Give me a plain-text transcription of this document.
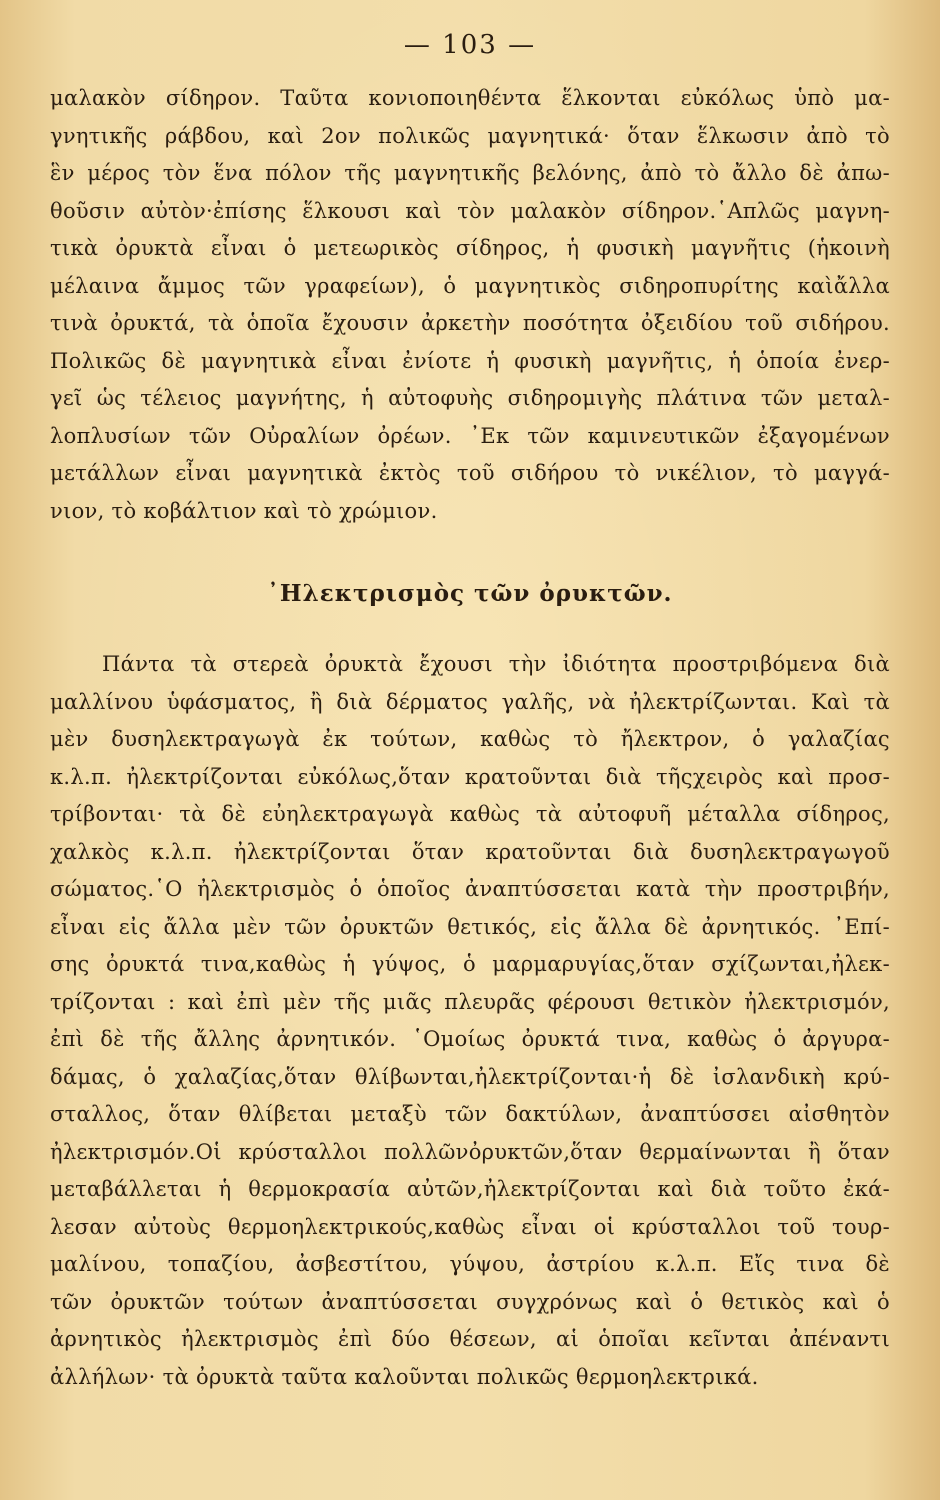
— 103 —
μαλακὸν σίδηρον. Ταῦτα κονιοποιηθέντα ἕλκονται εὐκόλως ὑπὸ μα-
γνητικῆς ράβδου, καὶ 2ον πολικῶς μαγνητικά· ὅταν ἕλκωσιν ἀπὸ τὸ
ἓν μέρος τὸν ἕνα πόλον τῆς μαγνητικῆς βελόνης, ἀπὸ τὸ ἄλλο δὲ ἀπω-
θοῦσιν αὐτὸν·ἐπίσης ἕλκουσι καὶ τὸν μαλακὸν σίδηρον.῾Απλῶς μαγνη-
τικὰ ὀρυκτὰ εἶναι ὁ μετεωρικὸς σίδηρος, ἡ φυσικὴ μαγνῆτις (ἡκοινὴ
μέλαινα ἄμμος τῶν γραφείων), ὁ μαγνητικὸς σιδηροπυρίτης καὶἄλλα
τινὰ ὀρυκτά, τὰ ὁποῖα ἔχουσιν ἀρκετὴν ποσότητα ὀξειδίου τοῦ σιδήρου.
Πολικῶς δὲ μαγνητικὰ εἶναι ἐνίοτε ἡ φυσικὴ μαγνῆτις, ἡ ὁποία ἐνερ-
γεῖ ὡς τέλειος μαγνήτης, ἡ αὐτοφυὴς σιδηρομιγὴς πλάτινα τῶν μεταλ-
λοπλυσίων τῶν Οὐραλίων ὀρέων. ᾿Εκ τῶν καμινευτικῶν ἐξαγομένων
μετάλλων εἶναι μαγνητικὰ ἐκτὸς τοῦ σιδήρου τὸ νικέλιον, τὸ μαγγά-
νιον, τὸ κοβάλτιον καὶ τὸ χρώμιον.
᾿Ηλεκτρισμὸς τῶν ὀρυκτῶν.
Πάντα τὰ στερεὰ ὀρυκτὰ ἔχουσι τὴν ἰδιότητα προστριβόμενα διὰ
μαλλίνου ὑφάσματος, ἢ διὰ δέρματος γαλῆς, νὰ ἠλεκτρίζωνται. Καὶ τὰ
μὲν δυσηλεκτραγωγὰ ἐκ τούτων, καθὼς τὸ ἤλεκτρον, ὁ γαλαζίας
κ.λ.π. ἠλεκτρίζονται εὐκόλως,ὅταν κρατοῦνται διὰ τῆςχειρὸς καὶ προσ-
τρίβονται· τὰ δὲ εὐηλεκτραγωγὰ καθὼς τὰ αὐτοφυῆ μέταλλα σίδηρος,
χαλκὸς κ.λ.π. ἠλεκτρίζονται ὅταν κρατοῦνται διὰ δυσηλεκτραγωγοῦ
σώματος.῾Ο ἠλεκτρισμὸς ὁ ὁποῖος ἀναπτύσσεται κατὰ τὴν προστριβήν,
εἶναι εἰς ἄλλα μὲν τῶν ὀρυκτῶν θετικός, εἰς ἄλλα δὲ ἀρνητικός. ᾿Επί-
σης ὀρυκτά τινα,καθὼς ἡ γύψος, ὁ μαρμαρυγίας,ὅταν σχίζωνται,ἠλεκ-
τρίζονται : καὶ ἐπὶ μὲν τῆς μιᾶς πλευρᾶς φέρουσι θετικὸν ἠλεκτρισμόν,
ἐπὶ δὲ τῆς ἄλλης ἀρνητικόν. ῾Ομοίως ὀρυκτά τινα, καθὼς ὁ ἀργυρα-
δάμας, ὁ χαλαζίας,ὅταν θλίβωνται,ἠλεκτρίζονται·ἡ δὲ ἰσλανδικὴ κρύ-
σταλλος, ὅταν θλίβεται μεταξὺ τῶν δακτύλων, ἀναπτύσσει αἰσθητὸν
ἠλεκτρισμόν.Οἱ κρύσταλλοι πολλῶνὀρυκτῶν,ὅταν θερμαίνωνται ἢ ὅταν
μεταβάλλεται ἡ θερμοκρασία αὐτῶν,ἠλεκτρίζονται καὶ διὰ τοῦτο ἐκά-
λεσαν αὐτοὺς θερμοηλεκτρικούς,καθὼς εἶναι οἱ κρύσταλλοι τοῦ τουρ-
μαλίνου, τοπαζίου, ἀσβεστίτου, γύψου, ἀστρίου κ.λ.π. Εἴς τινα δὲ
τῶν ὀρυκτῶν τούτων ἀναπτύσσεται συγχρόνως καὶ ὁ θετικὸς καὶ ὁ
ἀρνητικὸς ἠλεκτρισμὸς ἐπὶ δύο θέσεων, αἱ ὁποῖαι κεῖνται ἀπέναντι
ἀλλήλων· τὰ ὀρυκτὰ ταῦτα καλοῦνται πολικῶς θερμοηλεκτρικά.
